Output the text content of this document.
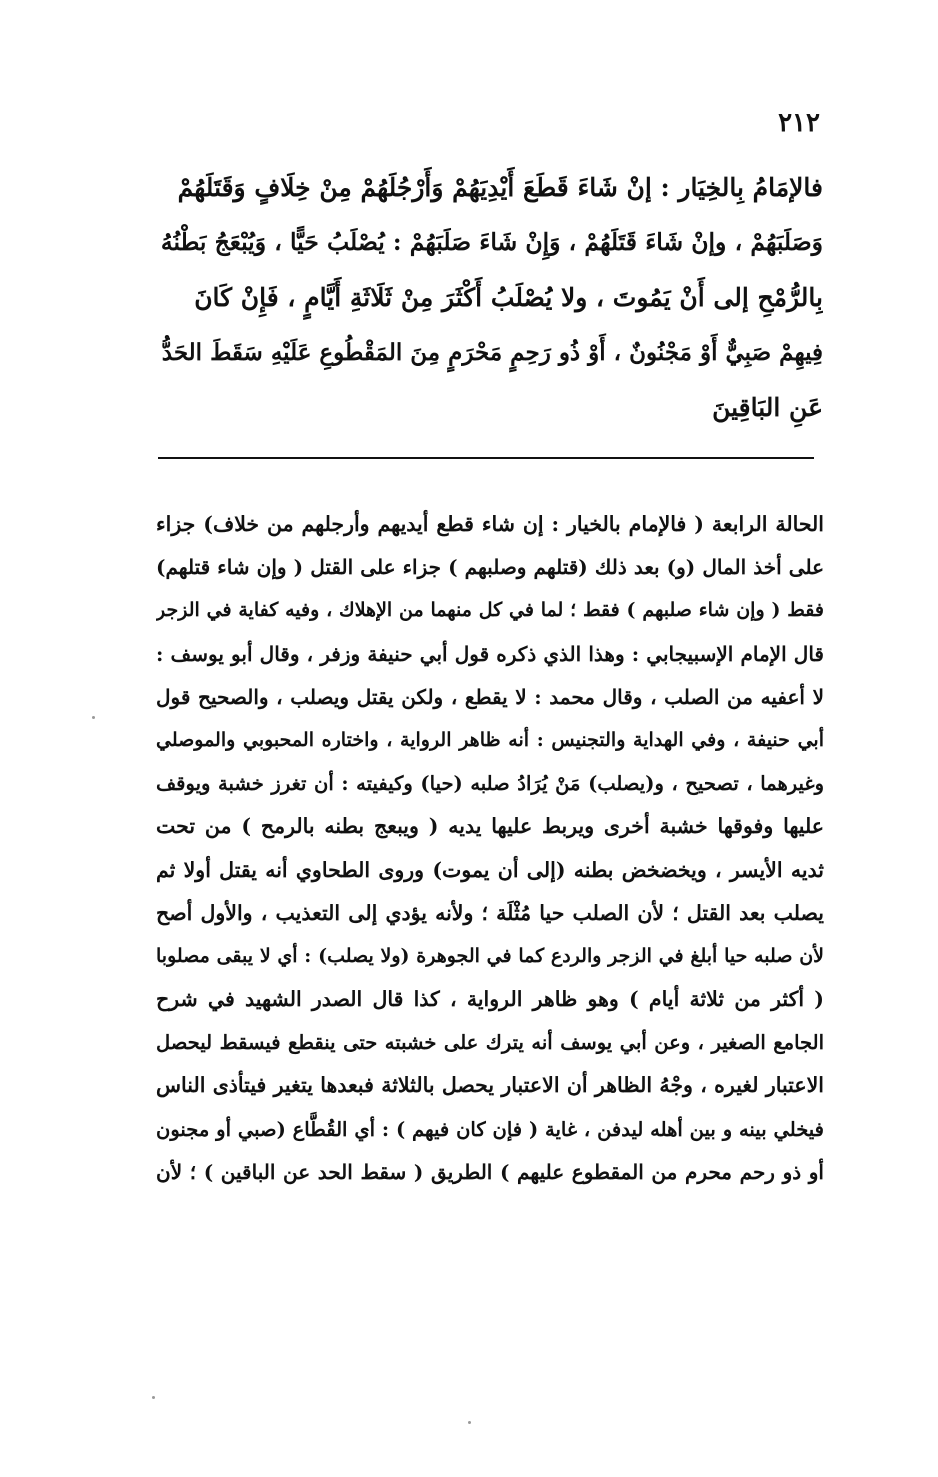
٢١٢
فالإمَامُ بِالخِيَار : إنْ شَاءَ قَطَعَ أَيْدِيَهُمْ وَأَرْجُلَهُمْ مِنْ خِلَافٍ وَقَتَلَهُمْ
وَصَلَبَهُمْ ، وإنْ شَاءَ قَتَلَهُمْ ، وَإِنْ شَاءَ صَلَبَهُمْ : يُصْلَبُ حَيًّا ، وَيُبْعَجُ بَطْنُهُ
بِالرُّمْحِ إلى أَنْ يَمُوتَ ، ولا يُصْلَبُ أَكْثَرَ مِنْ ثَلَاثَةِ أَيَّامٍ ، فَإِنْ كَانَ
فِيهِمْ صَبِيٌّ أَوْ مَجْنُونٌ ، أَوْ ذُو رَحِمٍ مَحْرَمٍ مِنَ المَقْطُوعِ عَلَيْهِ سَقَطَ الحَدُّ
عَنِ البَاقِينَ
الحالة الرابعة ( فالإمام بالخيار : إن شاء قطع أيديهم وأرجلهم من خلاف) جزاء
على أخذ المال (و) بعد ذلك (قتلهم وصلبهم ) جزاء على القتل ( وإن شاء قتلهم)
فقط ( وإن شاء صلبهم ) فقط ؛ لما في كل منهما من الإهلاك ، وفيه كفاية في الزجر
قال الإمام الإسبيجابي : وهذا الذي ذكره قول أبي حنيفة وزفر ، وقال أبو يوسف :
لا أعفيه من الصلب ، وقال محمد : لا يقطع ، ولكن يقتل ويصلب ، والصحيح قول
أبي حنيفة ، وفي الهداية والتجنيس : أنه ظاهر الرواية ، واختاره المحبوبي والموصلي
وغيرهما ، تصحيح ، و(يصلب) مَنْ يُرَادُ صلبه (حيا) وكيفيته : أن تغرز خشبة ويوقف
عليها وفوقها خشبة أخرى ويربط عليها يديه ( ويبعج بطنه بالرمح ) من تحت
ثديه الأيسر ، ويخضخض بطنه (إلى أن يموت) وروى الطحاوي أنه يقتل أولا ثم
يصلب بعد القتل ؛ لأن الصلب حيا مُثْلَة ؛ ولأنه يؤدي إلى التعذيب ، والأول أصح
لأن صلبه حيا أبلغ في الزجر والردع كما في الجوهرة (ولا يصلب) : أي لا يبقى مصلوبا
( أكثر من ثلاثة أيام ) وهو ظاهر الرواية ، كذا قال الصدر الشهيد في شرح
الجامع الصغير ، وعن أبي يوسف أنه يترك على خشبته حتى ينقطع فيسقط ليحصل
الاعتبار لغيره ، وجْهُ الظاهر أن الاعتبار يحصل بالثلاثة فبعدها يتغير فيتأذى الناس
فيخلي بينه و بين أهله ليدفن ، غاية ( فإن كان فيهم ) : أي القُطَّاع (صبي أو مجنون
أو ذو رحم محرم من المقطوع عليهم ) الطريق ( سقط الحد عن الباقين ) ؛ لأن
